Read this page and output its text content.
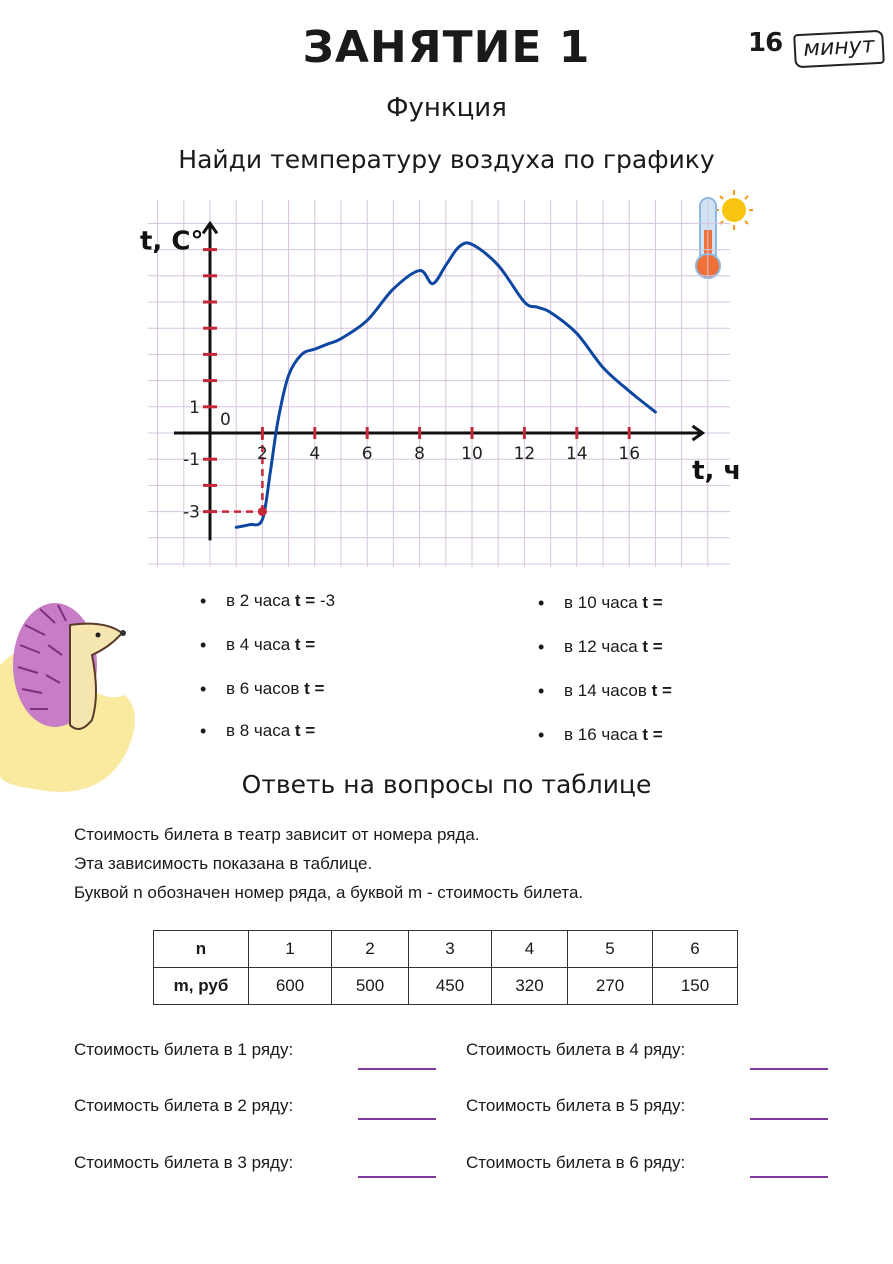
ЗАНЯТИЕ 1	16 минут
Функция
Найди температуру воздуха по графику
2 4 6 8 10 12 14 16
1
-1
-3
0
t, C°
t, ч
• в 2 часа t = -3
• в 4 часа t =
• в 6 часов t =
• в 8 часа t =
• в 10 часа t =
• в 12 часа t =
• в 14 часов t =
• в 16 часа t =
Ответь на вопросы по таблице
Стоимость билета в театр зависит от номера ряда.
Эта зависимость показана в таблице.
Буквой n обозначен номер ряда, а буквой m - стоимость билета.
n	1	2	3	4	5	6
m, руб	600	500	450	320	270	150
Стоимость билета в 1 ряду:	Стоимость билета в 4 ряду:
Стоимость билета в 2 ряду:	Стоимость билета в 5 ряду:
Стоимость билета в 3 ряду:	Стоимость билета в 6 ряду:
